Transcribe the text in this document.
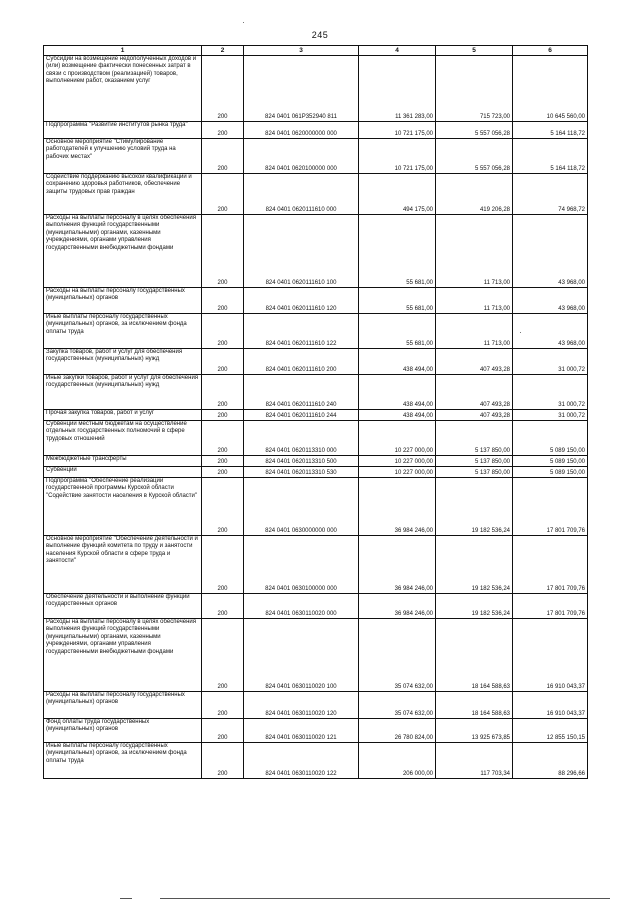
245
1	2	3	4	5	6
Субсидии на возмещение недополученных доходов и (или) возмещение фактически понесенных затрат в связи с производством (реализацией) товаров, выполнением работ, оказанием услуг	200	824 0401 061P352940 811	11 361 283,00	715 723,00	10 645 560,00
Подпрограмма "Развитие институтов рынка труда"	200	824 0401 0620000000 000	10 721 175,00	5 557 056,28	5 164 118,72
Основное мероприятие "Стимулирование работодателей к улучшению условий труда на рабочих местах"	200	824 0401 0620100000 000	10 721 175,00	5 557 056,28	5 164 118,72
Содействие поддержанию высокой квалификации и сохранению здоровья работников, обеспечение защиты трудовых прав граждан	200	824 0401 0620111610 000	494 175,00	419 206,28	74 968,72
Расходы на выплаты персоналу в целях обеспечения выполнения функций государственными (муниципальными) органами, казенными учреждениями, органами управления государственными внебюджетными фондами	200	824 0401 0620111610 100	55 681,00	11 713,00	43 968,00
Расходы на выплаты персоналу государственных (муниципальных) органов	200	824 0401 0620111610 120	55 681,00	11 713,00	43 968,00
Иные выплаты персоналу государственных (муниципальных) органов, за исключением фонда оплаты труда	200	824 0401 0620111610 122	55 681,00	11 713,00	43 968,00
Закупка товаров, работ и услуг для обеспечения государственных (муниципальных) нужд	200	824 0401 0620111610 200	438 494,00	407 493,28	31 000,72
Иные закупки товаров, работ и услуг для обеспечения государственных (муниципальных) нужд	200	824 0401 0620111610 240	438 494,00	407 493,28	31 000,72
Прочая закупка товаров, работ и услуг	200	824 0401 0620111610 244	438 494,00	407 493,28	31 000,72
Субвенции местным бюджетам на осуществление отдельных государственных полномочий в сфере трудовых отношений	200	824 0401 0620113310 000	10 227 000,00	5 137 850,00	5 089 150,00
Межбюджетные трансферты	200	824 0401 0620113310 500	10 227 000,00	5 137 850,00	5 089 150,00
Субвенции	200	824 0401 0620113310 530	10 227 000,00	5 137 850,00	5 089 150,00
Подпрограмма "Обеспечение реализации государственной программы Курской области "Содействие занятости населения в Курской области"	200	824 0401 0630000000 000	36 984 246,00	19 182 536,24	17 801 709,76
Основное мероприятие "Обеспечение деятельности и выполнение функций комитета по труду и занятости населения Курской области в сфере труда и занятости"	200	824 0401 0630100000 000	36 984 246,00	19 182 536,24	17 801 709,76
Обеспечение деятельности и выполнение функций государственных органов	200	824 0401 0630110020 000	36 984 246,00	19 182 536,24	17 801 709,76
Расходы на выплаты персоналу в целях обеспечения выполнения функций государственными (муниципальными) органами, казенными учреждениями, органами управления государственными внебюджетными фондами	200	824 0401 0630110020 100	35 074 632,00	18 164 588,63	16 910 043,37
Расходы на выплаты персоналу государственных (муниципальных) органов	200	824 0401 0630110020 120	35 074 632,00	18 164 588,63	16 910 043,37
Фонд оплаты труда государственных (муниципальных) органов	200	824 0401 0630110020 121	26 780 824,00	13 925 673,85	12 855 150,15
Иные выплаты персоналу государственных (муниципальных) органов, за исключением фонда оплаты труда	200	824 0401 0630110020 122	206 000,00	117 703,34	88 296,66
